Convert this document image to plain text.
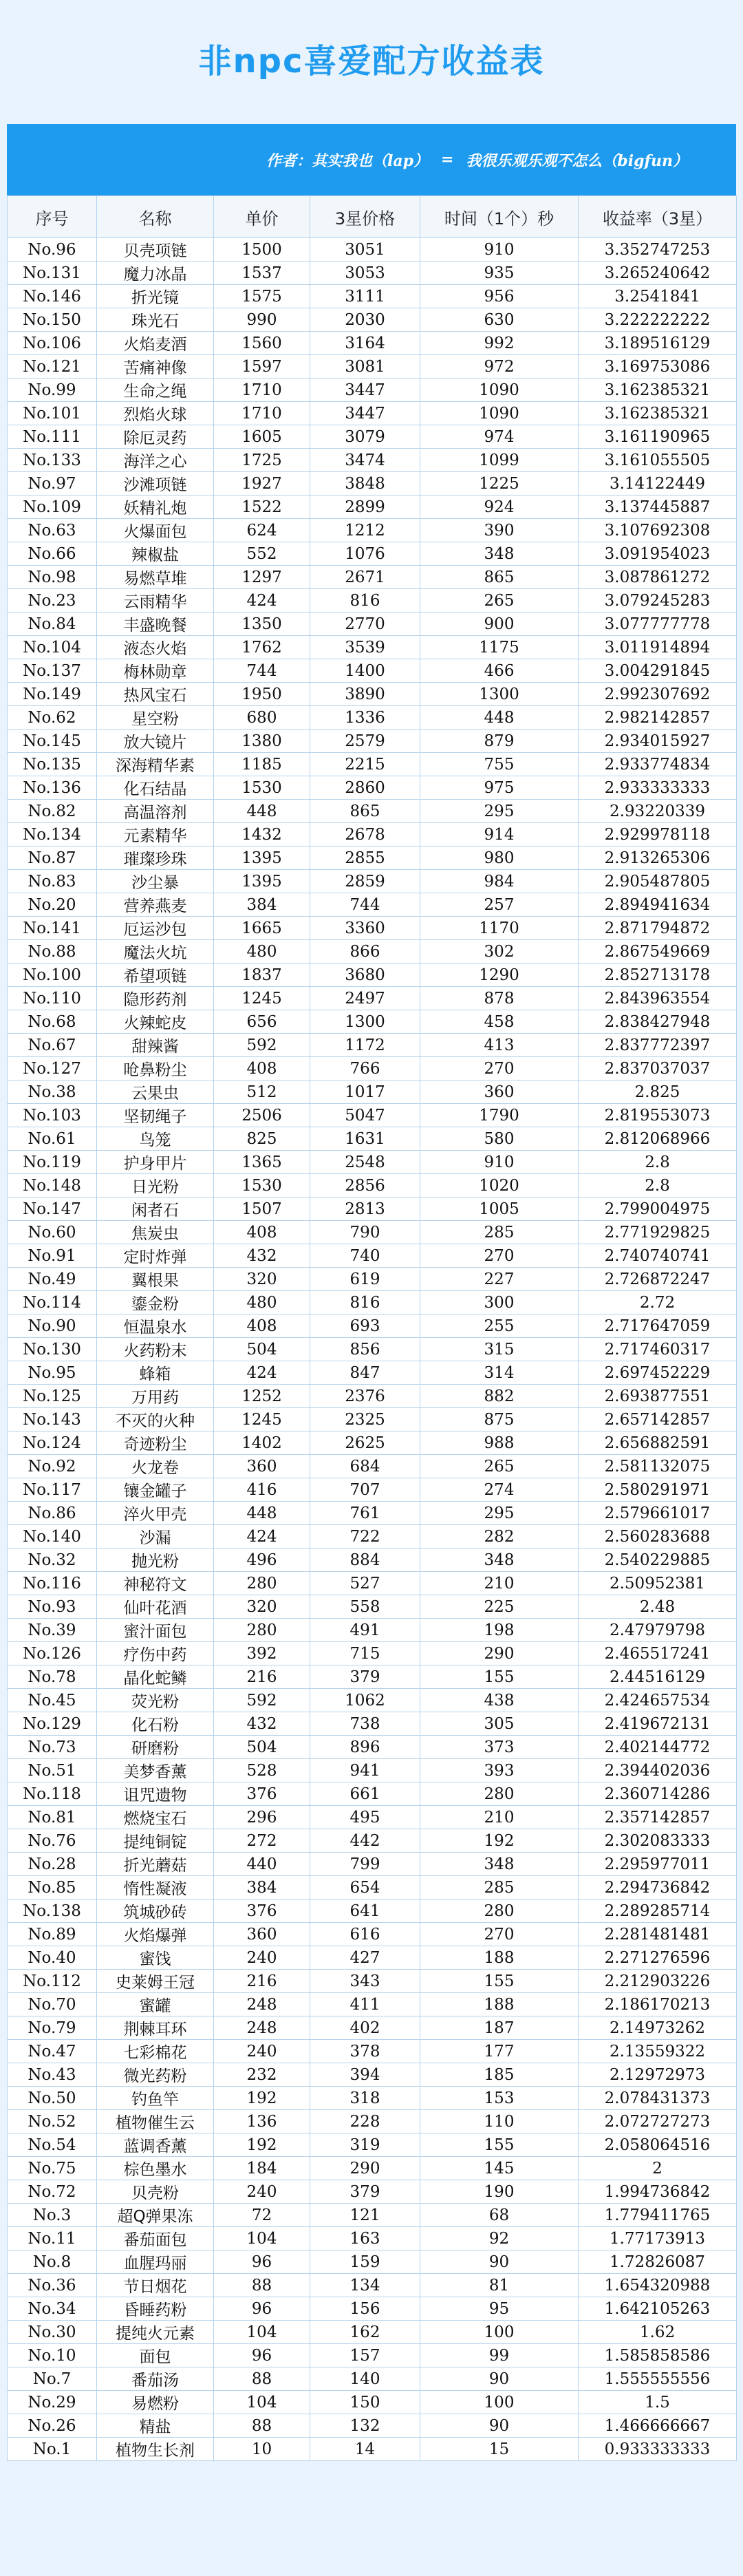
非npc喜爱配方收益表
作者：其实我也（lap） = 我很乐观乐观不怎么（bigfun）
序号	名称	单价	3星价格	时间（1个）秒	收益率（3星）
No.96	贝壳项链	1500	3051	910	3.352747253
No.131	魔力冰晶	1537	3053	935	3.265240642
No.146	折光镜	1575	3111	956	3.2541841
No.150	珠光石	990	2030	630	3.222222222
No.106	火焰麦酒	1560	3164	992	3.189516129
No.121	苦痛神像	1597	3081	972	3.169753086
No.99	生命之绳	1710	3447	1090	3.162385321
No.101	烈焰火球	1710	3447	1090	3.162385321
No.111	除厄灵药	1605	3079	974	3.161190965
No.133	海洋之心	1725	3474	1099	3.161055505
No.97	沙滩项链	1927	3848	1225	3.14122449
No.109	妖精礼炮	1522	2899	924	3.137445887
No.63	火爆面包	624	1212	390	3.107692308
No.66	辣椒盐	552	1076	348	3.091954023
No.98	易燃草堆	1297	2671	865	3.087861272
No.23	云雨精华	424	816	265	3.079245283
No.84	丰盛晚餐	1350	2770	900	3.077777778
No.104	液态火焰	1762	3539	1175	3.011914894
No.137	梅林勋章	744	1400	466	3.004291845
No.149	热风宝石	1950	3890	1300	2.992307692
No.62	星空粉	680	1336	448	2.982142857
No.145	放大镜片	1380	2579	879	2.934015927
No.135	深海精华素	1185	2215	755	2.933774834
No.136	化石结晶	1530	2860	975	2.933333333
No.82	高温溶剂	448	865	295	2.93220339
No.134	元素精华	1432	2678	914	2.929978118
No.87	璀璨珍珠	1395	2855	980	2.913265306
No.83	沙尘暴	1395	2859	984	2.905487805
No.20	营养燕麦	384	744	257	2.894941634
No.141	厄运沙包	1665	3360	1170	2.871794872
No.88	魔法火坑	480	866	302	2.867549669
No.100	希望项链	1837	3680	1290	2.852713178
No.110	隐形药剂	1245	2497	878	2.843963554
No.68	火辣蛇皮	656	1300	458	2.838427948
No.67	甜辣酱	592	1172	413	2.837772397
No.127	呛鼻粉尘	408	766	270	2.837037037
No.38	云果虫	512	1017	360	2.825
No.103	坚韧绳子	2506	5047	1790	2.819553073
No.61	鸟笼	825	1631	580	2.812068966
No.119	护身甲片	1365	2548	910	2.8
No.148	日光粉	1530	2856	1020	2.8
No.147	闲者石	1507	2813	1005	2.799004975
No.60	焦炭虫	408	790	285	2.771929825
No.91	定时炸弹	432	740	270	2.740740741
No.49	翼根果	320	619	227	2.726872247
No.114	鎏金粉	480	816	300	2.72
No.90	恒温泉水	408	693	255	2.717647059
No.130	火药粉末	504	856	315	2.717460317
No.95	蜂箱	424	847	314	2.697452229
No.125	万用药	1252	2376	882	2.693877551
No.143	不灭的火种	1245	2325	875	2.657142857
No.124	奇迹粉尘	1402	2625	988	2.656882591
No.92	火龙卷	360	684	265	2.581132075
No.117	镶金罐子	416	707	274	2.580291971
No.86	淬火甲壳	448	761	295	2.579661017
No.140	沙漏	424	722	282	2.560283688
No.32	抛光粉	496	884	348	2.540229885
No.116	神秘符文	280	527	210	2.50952381
No.93	仙叶花酒	320	558	225	2.48
No.39	蜜汁面包	280	491	198	2.47979798
No.126	疗伤中药	392	715	290	2.465517241
No.78	晶化蛇鳞	216	379	155	2.44516129
No.45	荧光粉	592	1062	438	2.424657534
No.129	化石粉	432	738	305	2.419672131
No.73	研磨粉	504	896	373	2.402144772
No.51	美梦香薰	528	941	393	2.394402036
No.118	诅咒遗物	376	661	280	2.360714286
No.81	燃烧宝石	296	495	210	2.357142857
No.76	提纯铜锭	272	442	192	2.302083333
No.28	折光蘑菇	440	799	348	2.295977011
No.85	惰性凝液	384	654	285	2.294736842
No.138	筑城砂砖	376	641	280	2.289285714
No.89	火焰爆弹	360	616	270	2.281481481
No.40	蜜饯	240	427	188	2.271276596
No.112	史莱姆王冠	216	343	155	2.212903226
No.70	蜜罐	248	411	188	2.186170213
No.79	荆棘耳环	248	402	187	2.14973262
No.47	七彩棉花	240	378	177	2.13559322
No.43	微光药粉	232	394	185	2.12972973
No.50	钓鱼竿	192	318	153	2.078431373
No.52	植物催生云	136	228	110	2.072727273
No.54	蓝调香薰	192	319	155	2.058064516
No.75	棕色墨水	184	290	145	2
No.72	贝壳粉	240	379	190	1.994736842
No.3	超Q弹果冻	72	121	68	1.779411765
No.11	番茄面包	104	163	92	1.77173913
No.8	血腥玛丽	96	159	90	1.72826087
No.36	节日烟花	88	134	81	1.654320988
No.34	昏睡药粉	96	156	95	1.642105263
No.30	提纯火元素	104	162	100	1.62
No.10	面包	96	157	99	1.585858586
No.7	番茄汤	88	140	90	1.555555556
No.29	易燃粉	104	150	100	1.5
No.26	精盐	88	132	90	1.466666667
No.1	植物生长剂	10	14	15	0.933333333
